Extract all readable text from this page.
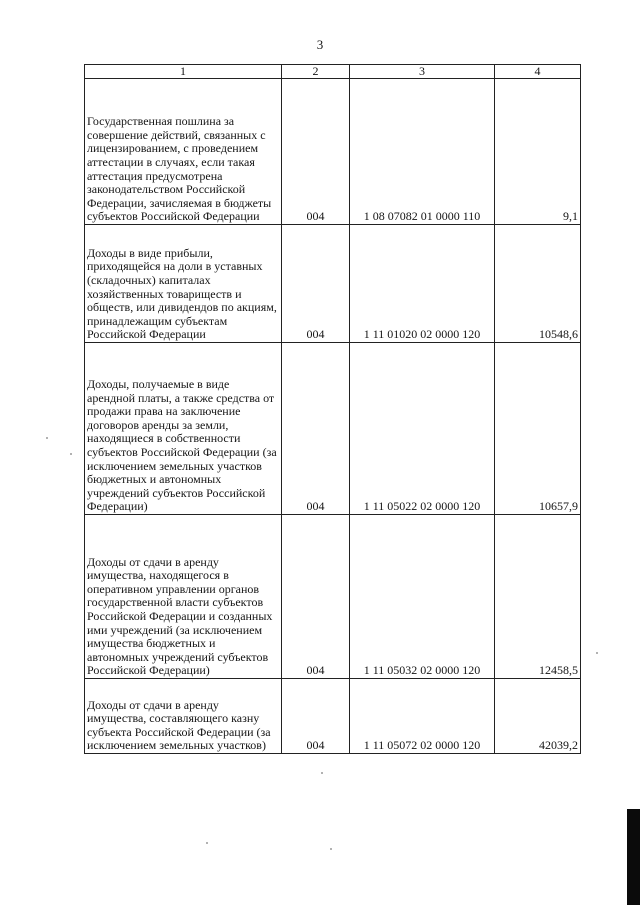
3
1	2	3	4
Государственная пошлина за совершение действий, связанных с лицензированием, с проведением аттестации в случаях, если такая аттестация предусмотрена законодательством Российской Федерации, зачисляемая в бюджеты субъектов Российской Федерации	004	1 08 07082 01 0000 110	9,1
Доходы в виде прибыли, приходящейся на доли в уставных (складочных) капиталах хозяйственных товариществ и обществ, или дивидендов по акциям, принадлежащим субъектам Российской Федерации	004	1 11 01020 02 0000 120	10548,6
Доходы, получаемые в виде арендной платы, а также средства от продажи права на заключение договоров аренды за земли, находящиеся в собственности субъектов Российской Федерации (за исключением земельных участков бюджетных и автономных учреждений субъектов Российской Федерации)	004	1 11 05022 02 0000 120	10657,9
Доходы от сдачи в аренду имущества, находящегося в оперативном управлении органов государственной власти субъектов Российской Федерации и созданных ими учреждений (за исключением имущества бюджетных и автономных учреждений субъектов Российской Федерации)	004	1 11 05032 02 0000 120	12458,5
Доходы от сдачи в аренду имущества, составляющего казну субъекта Российской Федерации (за исключением земельных участков)	004	1 11 05072 02 0000 120	42039,2
